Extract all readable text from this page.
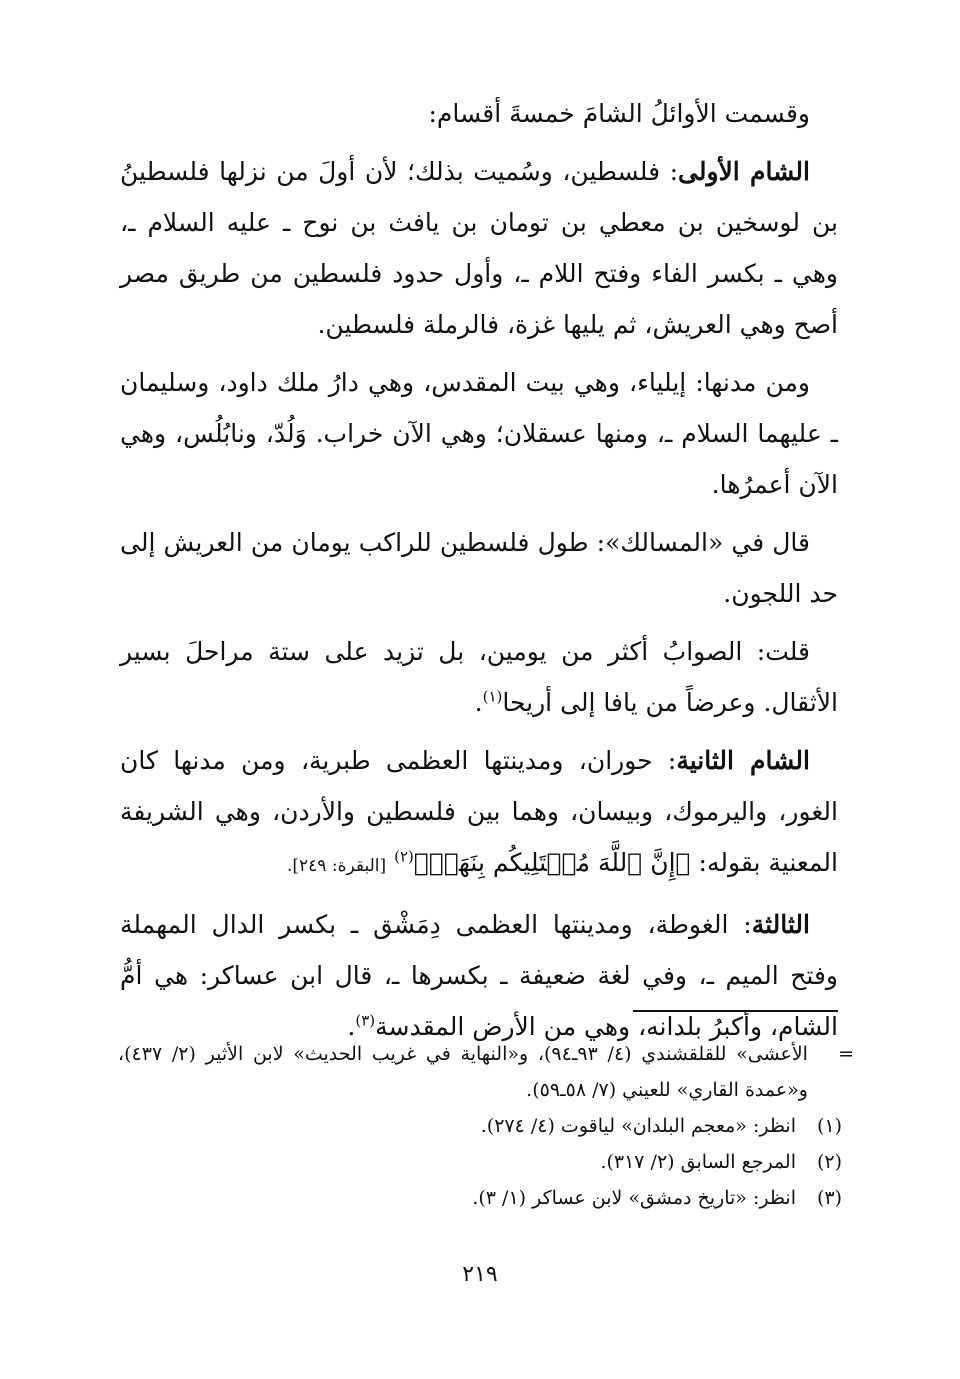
وقسمت الأوائلُ الشامَ خمسةَ أقسام:

الشام الأولى: فلسطين، وسُميت بذلك؛ لأن أولَ من نزلها فلسطينُ بن لوسخين بن معطي بن تومان بن يافث بن نوح ـ عليه السلام ـ، وهي ـ بكسر الفاء وفتح اللام ـ، وأول حدود فلسطين من طريق مصر أصح وهي العريش، ثم يليها غزة، فالرملة فلسطين.

ومن مدنها: إيلياء، وهي بيت المقدس، وهي دارُ ملك داود، وسليمان ـ عليهما السلام ـ، ومنها عسقلان؛ وهي الآن خراب. وَلُدّ، ونابُلُس، وهي الآن أعمرُها.

قال في «المسالك»: طول فلسطين للراكب يومان من العريش إلى حد اللجون.

قلت: الصوابُ أكثر من يومين، بل تزيد على ستة مراحلَ بسير الأثقال. وعرضاً من يافا إلى أريحا$^{(١)}$.

الشام الثانية: حوران، ومدينتها العظمى طبرية، ومن مدنها كان الغور، واليرموك، وبيسان، وهما بين فلسطين والأردن، وهي الشريفة المعنية بقوله: ﴿إِنَّ ٱللَّهَ مُبۡتَلِيكُم بِنَهَرٖ﴾$^{(٢)}$ [البقرة: ٢٤٩].

الثالثة: الغوطة، ومدينتها العظمى دِمَشْق ـ بكسر الدال المهملة وفتح الميم ـ، وفي لغة ضعيفة ـ بكسرها ـ، قال ابن عساكر: هي أمُّ الشام، وأكبرُ بلدانه، وهي من الأرض المقدسة$^{(٣)}$.

=
الأعشى» للقلقشندي (٤/ ٩٣ـ٩٤)، و«النهاية في غريب الحديث» لابن الأثير (٢/ ٤٣٧)، و«عمدة القاري» للعيني (٧/ ٥٨ـ٥٩).
(١)
انظر: «معجم البلدان» لياقوت (٤/ ٢٧٤).
(٢)
المرجع السابق (٢/ ٣١٧).
(٣)
انظر: «تاريخ دمشق» لابن عساكر (١/ ٣).
٢١٩
